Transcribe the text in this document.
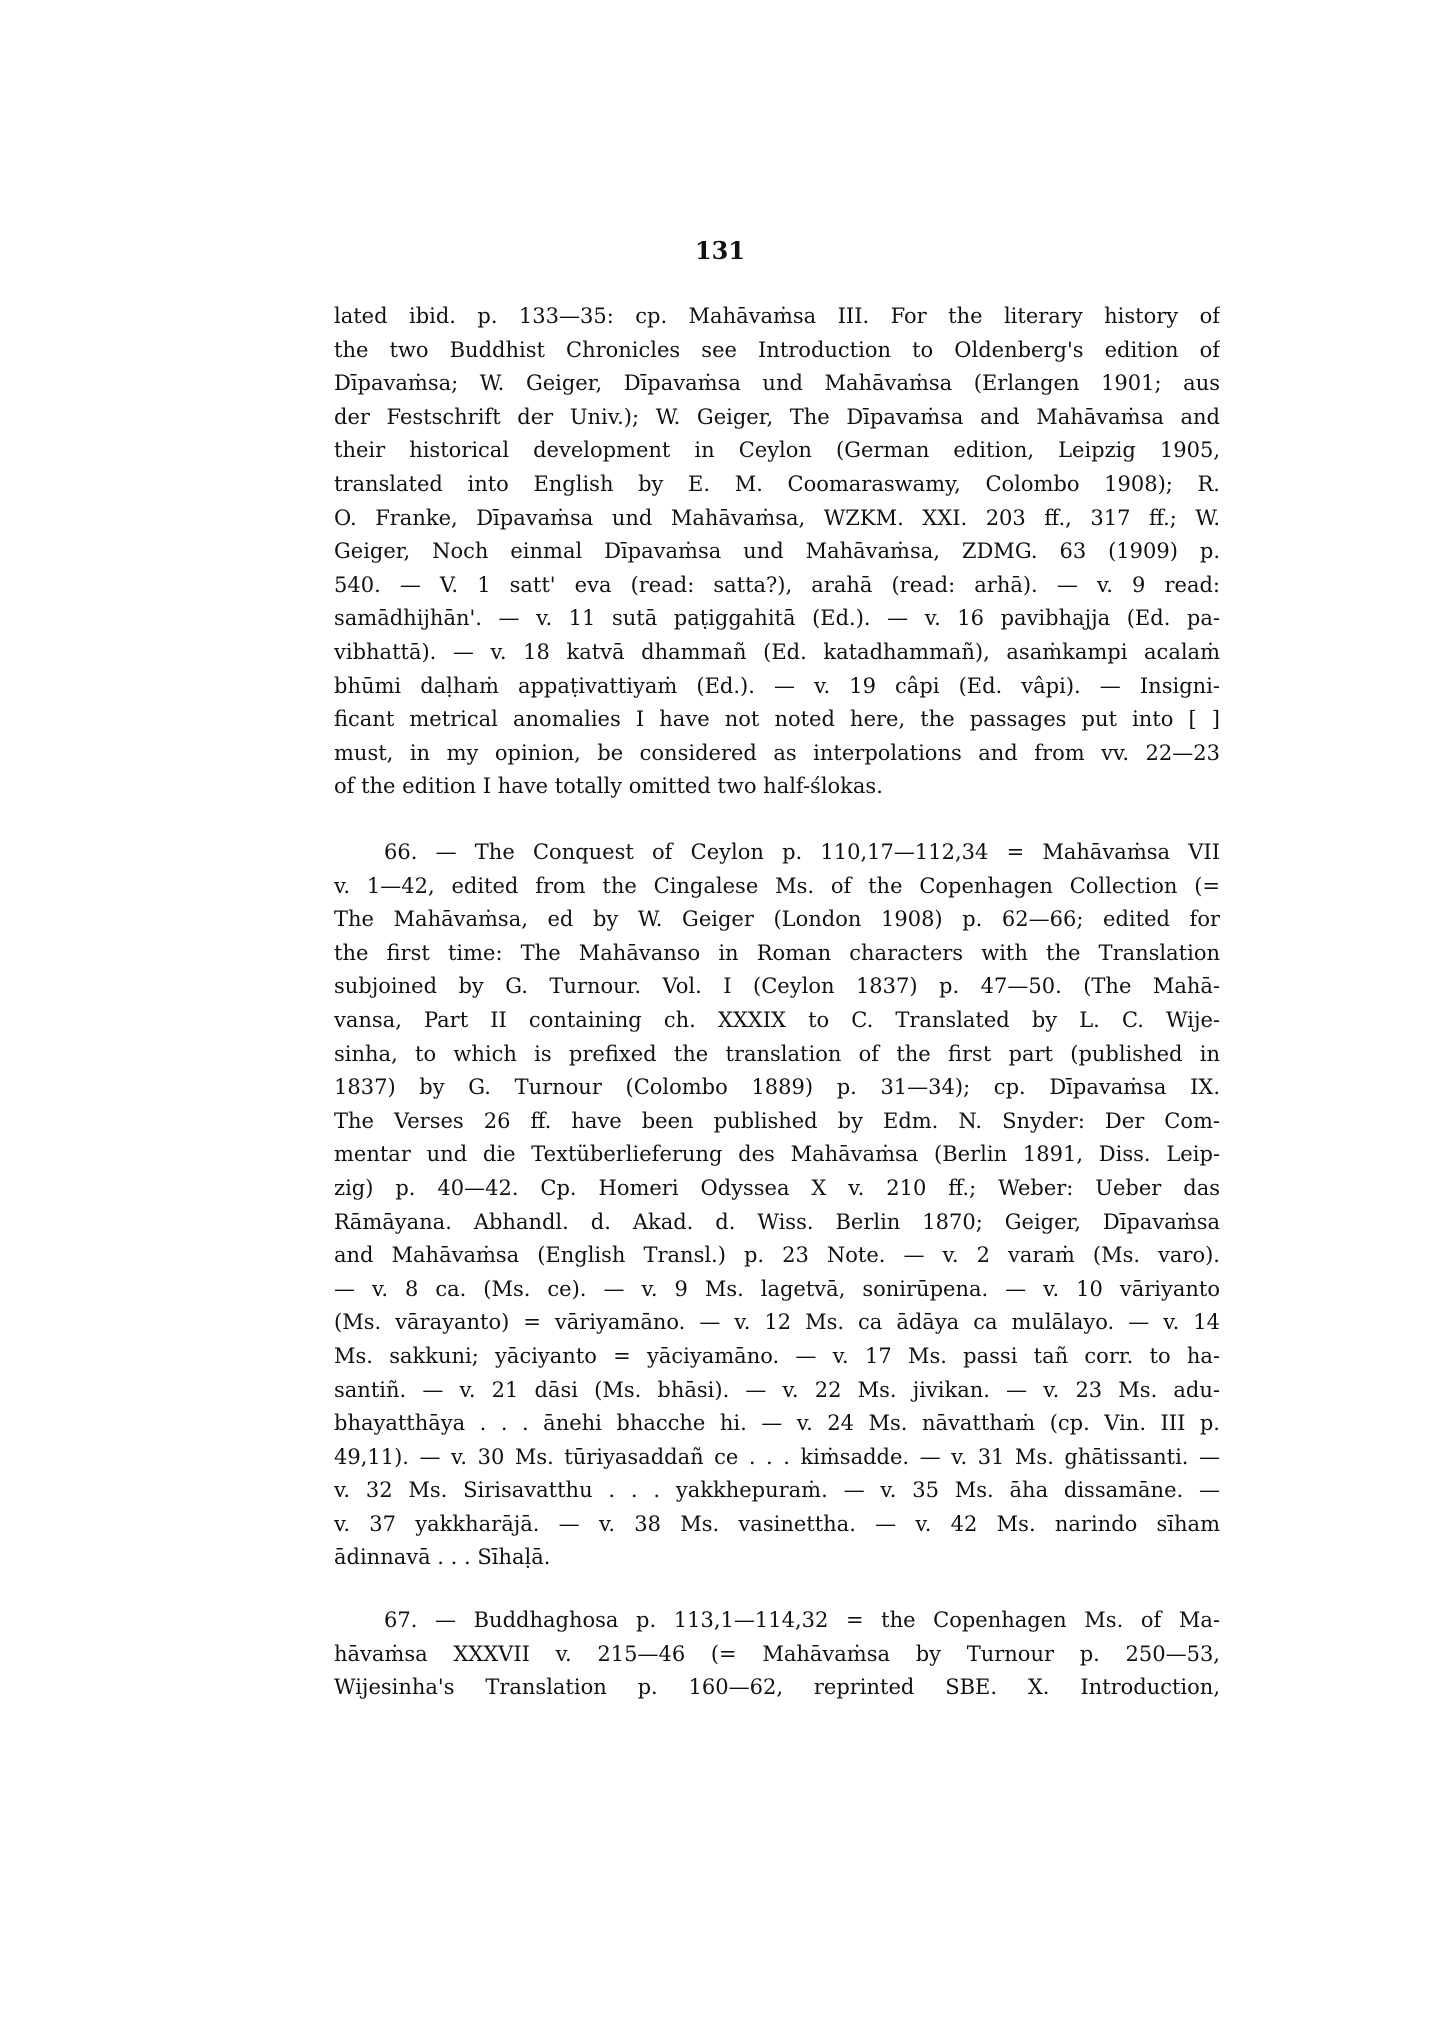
131
lated ibid. p. 133—35: cp. Mahāvaṁsa III. For the literary history of
the two Buddhist Chronicles see Introduction to Oldenberg's edition of
Dīpavaṁsa; W. Geiger, Dīpavaṁsa und Mahāvaṁsa (Erlangen 1901; aus
der Festschrift der Univ.); W. Geiger, The Dīpavaṁsa and Mahāvaṁsa and
their historical development in Ceylon (German edition, Leipzig 1905,
translated into English by E. M. Coomaraswamy, Colombo 1908); R.
O. Franke, Dīpavaṁsa und Mahāvaṁsa, WZKM. XXI. 203 ff., 317 ff.; W.
Geiger, Noch einmal Dīpavaṁsa und Mahāvaṁsa, ZDMG. 63 (1909) p.
540. — V. 1 satt' eva (read: satta?), arahā (read: arhā). — v. 9 read:
samādhijhān'. — v. 11 sutā paṭiggahitā (Ed.). — v. 16 pavibhajja (Ed. pa-
vibhattā). — v. 18 katvā dhammañ (Ed. katadhammañ), asaṁkampi acalaṁ
bhūmi daḷhaṁ appaṭivattiyaṁ (Ed.). — v. 19 câpi (Ed. vâpi). — Insigni-
ficant metrical anomalies I have not noted here, the passages put into [ ]
must, in my opinion, be considered as interpolations and from vv. 22—23
of the edition I have totally omitted two half-ślokas.
66. — The Conquest of Ceylon p. 110,17—112,34 = Mahāvaṁsa VII
v. 1—42, edited from the Cingalese Ms. of the Copenhagen Collection (=
The Mahāvaṁsa, ed by W. Geiger (London 1908) p. 62—66; edited for
the first time: The Mahāvanso in Roman characters with the Translation
subjoined by G. Turnour. Vol. I (Ceylon 1837) p. 47—50. (The Mahā-
vansa, Part II containing ch. XXXIX to C. Translated by L. C. Wije-
sinha, to which is prefixed the translation of the first part (published in
1837) by G. Turnour (Colombo 1889) p. 31—34); cp. Dīpavaṁsa IX.
The Verses 26 ff. have been published by Edm. N. Snyder: Der Com-
mentar und die Textüberlieferung des Mahāvaṁsa (Berlin 1891, Diss. Leip-
zig) p. 40—42. Cp. Homeri Odyssea X v. 210 ff.; Weber: Ueber das
Rāmāyana. Abhandl. d. Akad. d. Wiss. Berlin 1870; Geiger, Dīpavaṁsa
and Mahāvaṁsa (English Transl.) p. 23 Note. — v. 2 varaṁ (Ms. varo).
— v. 8 ca. (Ms. ce). — v. 9 Ms. lagetvā, sonirūpena. — v. 10 vāriyanto
(Ms. vārayanto) = vāriyamāno. — v. 12 Ms. ca ādāya ca mulālayo. — v. 14
Ms. sakkuni; yāciyanto = yāciyamāno. — v. 17 Ms. passi tañ corr. to ha-
santiñ. — v. 21 dāsi (Ms. bhāsi). — v. 22 Ms. jivikan. — v. 23 Ms. adu-
bhayatthāya . . . ānehi bhacche hi. — v. 24 Ms. nāvatthaṁ (cp. Vin. III p.
49,11). — v. 30 Ms. tūriyasaddañ ce . . . kiṁsadde. — v. 31 Ms. ghātissanti. —
v. 32 Ms. Sirisavatthu . . . yakkhepuraṁ. — v. 35 Ms. āha dissamāne. —
v. 37 yakkharājā. — v. 38 Ms. vasinettha. — v. 42 Ms. narindo sīham
ādinnavā . . . Sīhaḷā.
67. — Buddhaghosa p. 113,1—114,32 = the Copenhagen Ms. of Ma-
hāvaṁsa XXXVII v. 215—46 (= Mahāvaṁsa by Turnour p. 250—53,
Wijesinha's Translation p. 160—62, reprinted SBE. X. Introduction,
